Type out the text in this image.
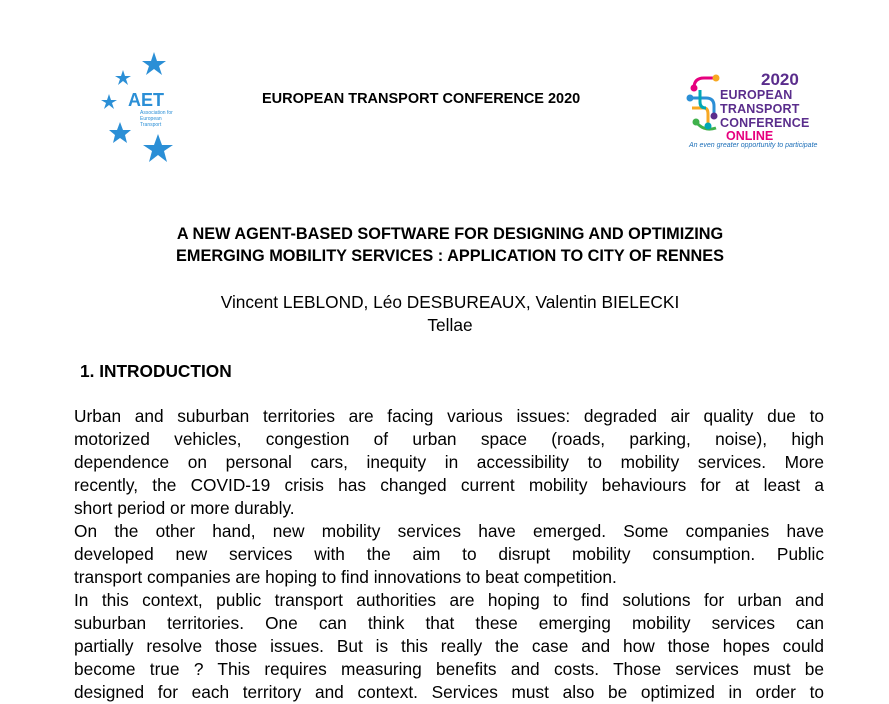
AET
Association for
European
Transport
EUROPEAN TRANSPORT CONFERENCE 2020
2020
EUROPEAN
TRANSPORT
CONFERENCE
ONLINE
An even greater opportunity to participate
A NEW AGENT-BASED SOFTWARE FOR DESIGNING AND OPTIMIZING
EMERGING MOBILITY SERVICES : APPLICATION TO CITY OF RENNES
Vincent LEBLOND, Léo DESBUREAUX, Valentin BIELECKI
Tellae
1. INTRODUCTION
Urban and suburban territories are facing various issues: degraded air quality due to
motorized vehicles, congestion of urban space (roads, parking, noise), high
dependence on personal cars, inequity in accessibility to mobility services. More
recently, the COVID-19 crisis has changed current mobility behaviours for at least a
short period or more durably.
On the other hand, new mobility services have emerged. Some companies have
developed new services with the aim to disrupt mobility consumption. Public
transport companies are hoping to find innovations to beat competition.
In this context, public transport authorities are hoping to find solutions for urban and
suburban territories. One can think that these emerging mobility services can
partially resolve those issues. But is this really the case and how those hopes could
become true ? This requires measuring benefits and costs. Those services must be
designed for each territory and context. Services must also be optimized in order to
